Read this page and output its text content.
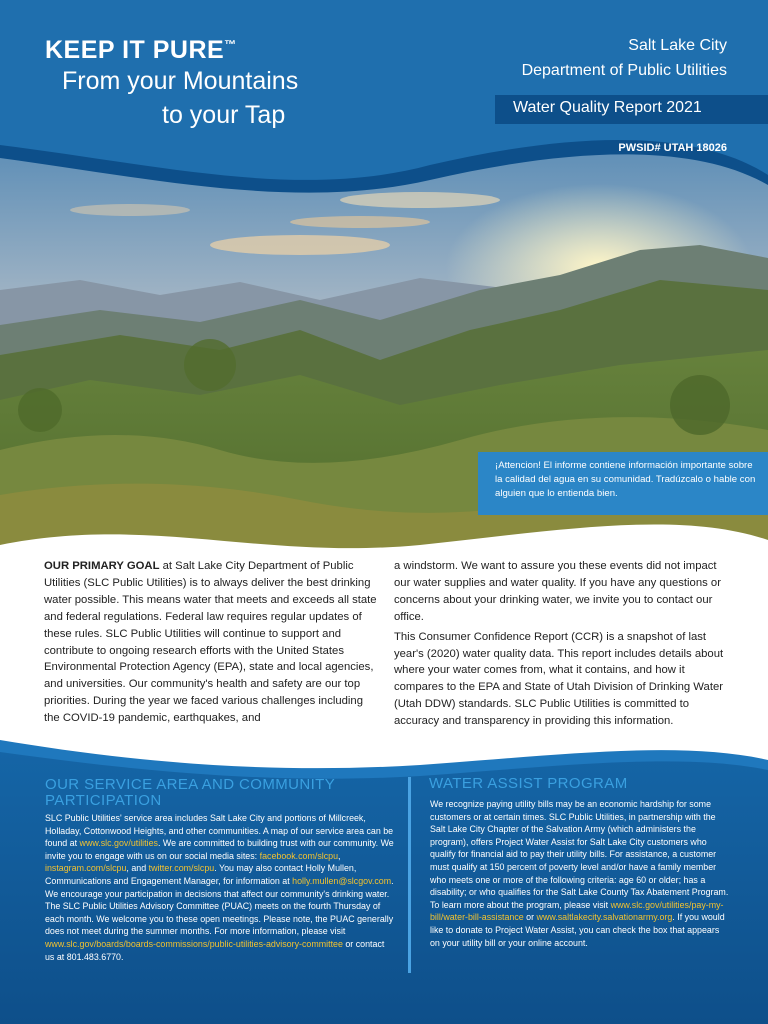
KEEP IT PURE™
From your Mountains
to your Tap
Salt Lake City
Department of Public Utilities
Water Quality Report 2021
PWSID# UTAH 18026
¡Attencion! El informe contiene información importante sobre la calidad del agua en su comunidad. Tradúzcalo o hable con alguien que lo entienda bien.

OUR PRIMARY GOAL at Salt Lake City Department of Public Utilities (SLC Public Utilities) is to always deliver the best drinking water possible. This means water that meets and exceeds all state and federal regulations. Federal law requires regular updates of these rules. SLC Public Utilities will continue to support and contribute to ongoing research efforts with the United States Environmental Protection Agency (EPA), state and local agencies, and universities. Our community's health and safety are our top priorities. During the year we faced various challenges including the COVID-19 pandemic, earthquakes, and

a windstorm. We want to assure you these events did not impact our water supplies and water quality. If you have any questions or concerns about your drinking water, we invite you to contact our office.

This Consumer Confidence Report (CCR) is a snapshot of last year's (2020) water quality data. This report includes details about where your water comes from, what it contains, and how it compares to the EPA and State of Utah Division of Drinking Water (Utah DDW) standards. SLC Public Utilities is committed to accuracy and transparency in providing this information.

OUR SERVICE AREA AND COMMUNITY PARTICIPATION
SLC Public Utilities' service area includes Salt Lake City and portions of Millcreek, Holladay, Cottonwood Heights, and other communities. A map of our service area can be found at www.slc.gov/utilities. We are committed to building trust with our community. We invite you to engage with us on our social media sites: facebook.com/slcpu, instagram.com/slcpu, and twitter.com/slcpu. You may also contact Holly Mullen, Communications and Engagement Manager, for information at holly.mullen@slcgov.com. We encourage your participation in decisions that affect our community's drinking water. The SLC Public Utilities Advisory Committee (PUAC) meets on the fourth Thursday of each month. We welcome you to these open meetings. Please note, the PUAC generally does not meet during the summer months. For more information, please visit www.slc.gov/boards/boards-commissions/public-utilities-advisory-committee or contact us at 801.483.6770.
WATER ASSIST PROGRAM
We recognize paying utility bills may be an economic hardship for some customers or at certain times. SLC Public Utilities, in partnership with the Salt Lake City Chapter of the Salvation Army (which administers the program), offers Project Water Assist for Salt Lake City customers who qualify for financial aid to pay their utility bills. For assistance, a customer must qualify at 150 percent of poverty level and/or have a family member who meets one or more of the following criteria: age 60 or older; has a disability; or who qualifies for the Salt Lake County Tax Abatement Program. To learn more about the program, please visit www.slc.gov/utilities/pay-my-bill/water-bill-assistance or www.saltlakecity.salvationarmy.org. If you would like to donate to Project Water Assist, you can check the box that appears on your utility bill or your online account.
